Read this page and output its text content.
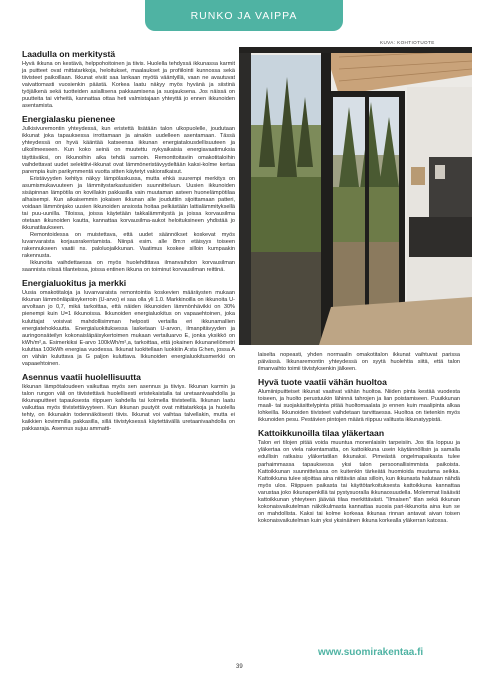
RUNKO JA VAIPPA
Laadulla on merkitystä

Hyvä ikkuna on kestävä, helppohoitoinen ja tiivis. Huolella tehdyssä ikkunassa karmit ja puitteet ovat mittatarkkoja, heloitukset, maalaukset ja profiilointi kunnossa sekä tiivisteet paikoillaan. Ikkunat eivät saa lankaan myötä vääntyillä, vaan ne avautuvat vaivattomasti vuosienkin päästä. Korkea laatu näkyy myös hyvänä ja siistinä työjälkenä sekä tuotteiden asiallisena pakkaamisena ja suojauksena. Jos näissä on puutteita tai virheitä, kannattaa ottaa heti valmistajaan yhteyttä jo ennen ikkunoiden asentamista.

Energialasku pienenee

Julkisivuremontin yhteydessä, kun eristettä lisätään talon ulkopuolelle, joudutaan ikkunat joka tapauksessa irrottamaan ja ainakin uudelleen asentamaan. Tässä yhteydessä on hyvä kääntää katseensa ikkunan energiatalousdellisuuteen ja ulkoilmeeseen. Kun koko seinä on muutettu nykyaikaisia energiavaatimuksia täyttäväksi, on ikkunoihin aika tehdä samoin. Remonttoitaviin omakotitaloihin vaihdettavat uudet selektiivi-ikkunat ovat lämmöneristävyydeltään kaksi-kolme kertaa parempia kuin parikymmentä vuotta sitten käytetyt vakioratkaisut.

Eristävyyden kehitys näkyy lämpölaskussa, mutta ehkä suurempi merkitys on asumismukavuuteen ja lämmitystarkastusiden suunnitteluun. Uusien ikkunoiden sisäpinnan lämpötila on kovillakin pakkasilla vain muutaman asteen huonelämpötilaa alhaisempi. Kun aikaisemmin jokaisen ikkunan alle jouduttiin sijoittamaan patteri, voidaan lämmönjako uusien ikkunoiden ansiosta hoitaa pelkästään lattialämmityksellä tai puu-uunilla. Tiloissa, joissa käytetään takkalämmitystä ja joissa korvausilma otetaan ikkunoiden kautta, kannattaa korvausilma-aukot heloituksineen yhdistää jo ikkunatilaukseen.

Remontoidessa on muistettava, että uudet säännökset koskevat myös luvanvaraista korjausrakentamista. Niinpä esim. alle 8m:n etäisyys toiseen rakennukseen vaatii ns. paloluojaikkunan. Vaatimus koskee silloin kumpaakin rakennusta.

Ikkunoita vaihdettaessa on myös huolehdittava ilmanvaihdon korvausilman saannista niissä tilanteissa, joissa entinen ikkuna on toiminut korvausilman reittinä.

Energialuokitus ja merkki

Uusia omakotitaloja ja luvanvaraista remontointia koskevien määräysten mukaan ikkunan lämmönläpäisykerroin (U-arvo) ei saa olla yli 1.0. Markkinoilla on ikkunoita U-arvoltaan jo 0,7, mikä tarkoittaa, että näiden ikkunoiden lämmönhävikki on 30% pienempi kuin U=1 ikkunoissa. Ikkunoiden energialuokitus on vapaaehtoinen, joka kuluttajat voisivat mahdollisimman helposti vertailla eri ikkunamallien energiatehokkuutta. Energialuokituksessa lasketaan U-arvon, ilmanpitävyyden ja auringonsäteilyn kokonaisläpäisykertoimen mukaan vertailuarvo E, jonka yksikkö on kWh/m²,a. Esimerkiksi E-arvo 100kWh/m²,a, tarkoittaa, että jokainen ikkunaneliömetri kuluttaa 100kWh energiaa vuodessa. Ikkunat luokitellaan luokkiin A:sta G:hen, jossa A on vähän kuluttava ja G paljon kuluttava. Ikkunoiden energialuokitusmerkki on vapaaehtoinen.

Asennus vaatii huolellisuutta

Ikkunan lämpötaloudeen vaikuttaa myös sen asennus ja tiiviys. Ikkunan karmin ja talon rungon väli on tiivistettävä huolellisesti eristekaistalla tai uretaanivaahdolla ja ikkunapuitteet tapauksesta riippuen kahdella tai kolmella tiivisteellä. Ikkunan laatu vaikuttaa myös tiivistettävyyteen. Kun ikkunan puutyöt ovat mittatarkkoja ja huolella tehty, on ikkunakin todennäköisesti tiivis. Ikkunat voi vaihtaa talvellakin, mutta ei kaikkien kovimmilla pakkasilla, sillä tiivistyksessä käytettävällä uretaanivaahdolla on pakkasraja. Asennus sujuu ammatti-

KUVA: KOHTIOTUOTE

laiselta nopeasti, yhden normaalin omakotitalon ikkunat vaihtuvat parissa päivässä. Ikkunaremontin yhteydessä on syytä huolehtia siitä, että talon ilmanvaihto toimii tiivistyksenkin jälkeen.

Hyvä tuote vaatii vähän huoltoa

Alumiinipuitteiset ikkunat vaativat vähän huoltoa. Niiden pinta kestää vuodesta toiseen, ja huolto perustuukin lähinnä tahrojen ja lian poistamiseen. Puuikkunan maali- tai suojakäsittelypinta pitää huoltomaalata jo ennen kuin maalipinta alkaa lohkeilla. Ikkunoiden tiivisteet vaihdetaan tarvittaessa. Huoltoa on tietenkin myös ikkunoiden pesu. Pestävien pintojen määrä riippuu valitusta ikkunatyypistä.

Kattoikkunoilla tilaa yläkertaan

Talon eri tilojen pitää voida muuntua monenlaisiin tarpeisiin. Jos tila loppuu ja yläkertaa on viela rakentamatta, on kattoikkuna usein käytännöllisin ja samalla edullisin ratkaisu yläkertatilan ikkunaksi. Pimeästä ongelmapaikasta tulee parhaimmassa tapauksessa yksi talon persoonallisimmista paikoista. Kattoikkunan suunnittelussa on kuitenkin tärkeätä huomioida muutama seikka. Kattoikkuna tulee sijoittaa aina niittävän alas silloin, kun ikkunasta halutaan nähdä myös ulos. Riippuen paikasta tai käyttötarkoituksesta kattoikkuna kannattaa varustaa joko ikkunapenkillä tai pystysuoralla ikkunaosuudella. Molemmat lisäävät kattoikkunan yhteyteen jäävää tilaa merkittävästi. "Ilmaisen" tilan sekä ikkunan kokonaisvaikutelman näkökulmasta kannattaa suosia pari-ikkunoita aina kun se on mahdollista. Kaksi tai kolme korkeaa ikkunaa rinnan antavat aivan toisen kokonaisvaikutelman kuin yksi yksinäinen ikkuna korkealla yläkerran katossa.

www.suomirakentaa.fi
39
